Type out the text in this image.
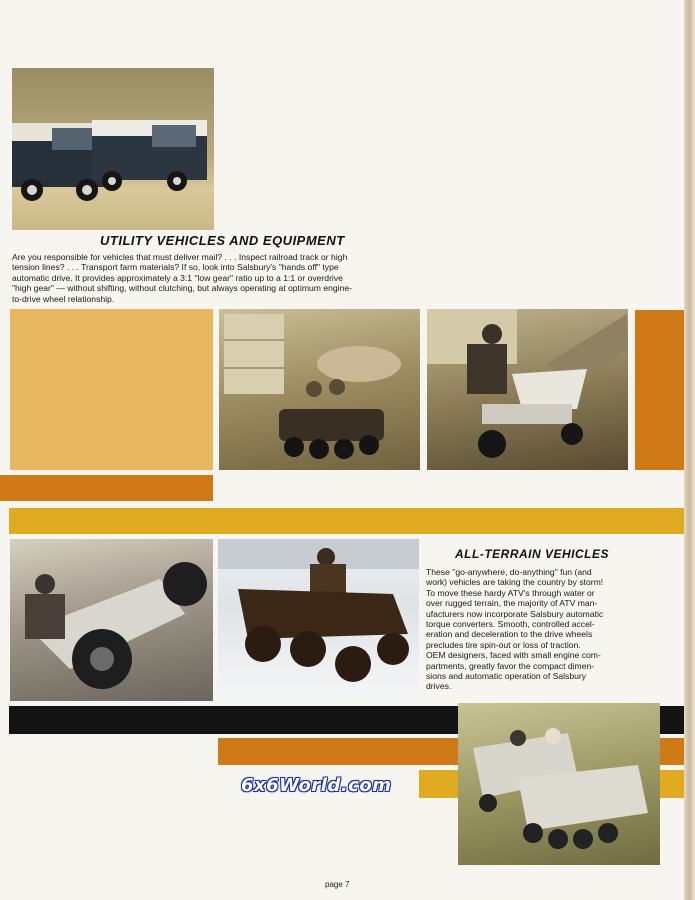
UTILITY VEHICLES AND EQUIPMENT
Are you responsible for vehicles that must deliver mail? . . . Inspect railroad track or high
tension lines? . . . Transport farm materials? If so, look into Salsbury's "hands off" type
automatic drive. It provides approximately a 3:1 "low gear" ratio up to a 1:1 or overdrive
"high gear" — without shifting, without clutching, but always operating at optimum engine-
to-drive wheel relationship.
ALL-TERRAIN VEHICLES
These "go-anywhere, do-anything" fun (and
work) vehicles are taking the country by storm!
To move these hardy ATV's through water or
over rugged terrain, the majority of ATV man-
ufacturers now incorporate Salsbury automatic
torque converters. Smooth, controlled accel-
eration and deceleration to the drive wheels
precludes tire spin-out or loss of traction.
OEM designers, faced with small engine com-
partments, greatly favor the compact dimen-
sions and automatic operation of Salsbury
drives.
6x6World.com
page 7
